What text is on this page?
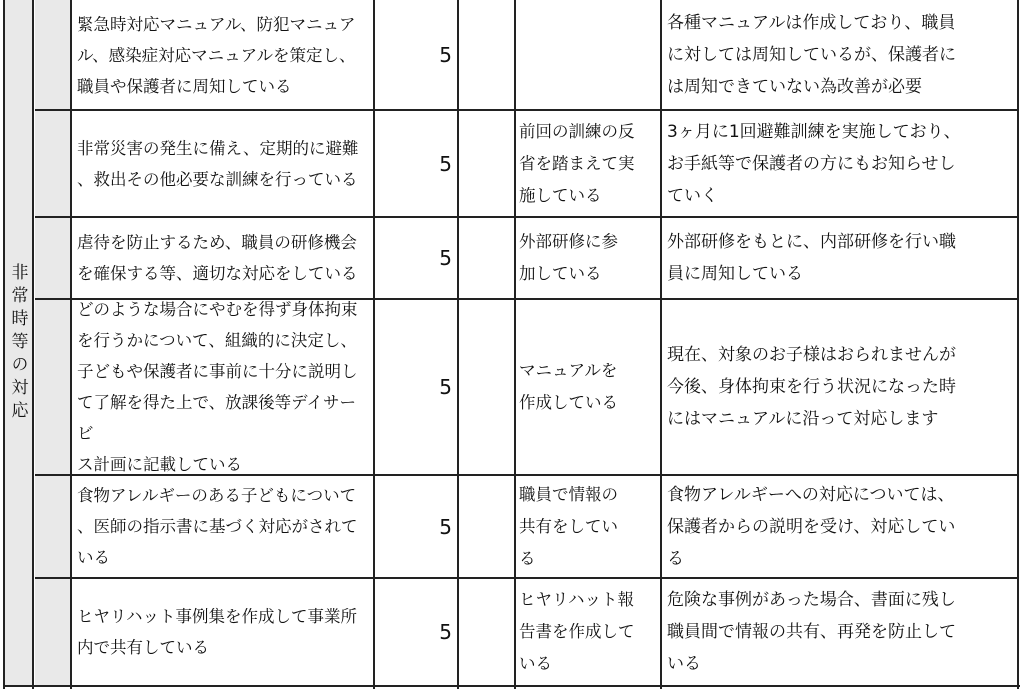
非常時等の対応
緊急時対応マニュアル、防犯マニュア
ル、感染症対応マニュアルを策定し、
職員や保護者に周知している
5
各種マニュアルは作成しており、職員
に対しては周知しているが、保護者に
は周知できていない為改善が必要
非常災害の発生に備え、定期的に避難
、救出その他必要な訓練を行っている
5
前回の訓練の反
省を踏まえて実
施している
3ヶ月に1回避難訓練を実施しており、
お手紙等で保護者の方にもお知らせし
ていく
虐待を防止するため、職員の研修機会
を確保する等、適切な対応をしている
5
外部研修に参
加している
外部研修をもとに、内部研修を行い職
員に周知している
どのような場合にやむを得ず身体拘束
を行うかについて、組織的に決定し、
子どもや保護者に事前に十分に説明し
て了解を得た上で、放課後等デイサービ
ス計画に記載している
5
マニュアルを
作成している
現在、対象のお子様はおられませんが
今後、身体拘束を行う状況になった時
にはマニュアルに沿って対応します
食物アレルギーのある子どもについて
、医師の指示書に基づく対応がされて
いる
5
職員で情報の
共有をしてい
る
食物アレルギーへの対応については、
保護者からの説明を受け、対応してい
る
ヒヤリハット事例集を作成して事業所
内で共有している
5
ヒヤリハット報
告書を作成して
いる
危険な事例があった場合、書面に残し
職員間で情報の共有、再発を防止して
いる
